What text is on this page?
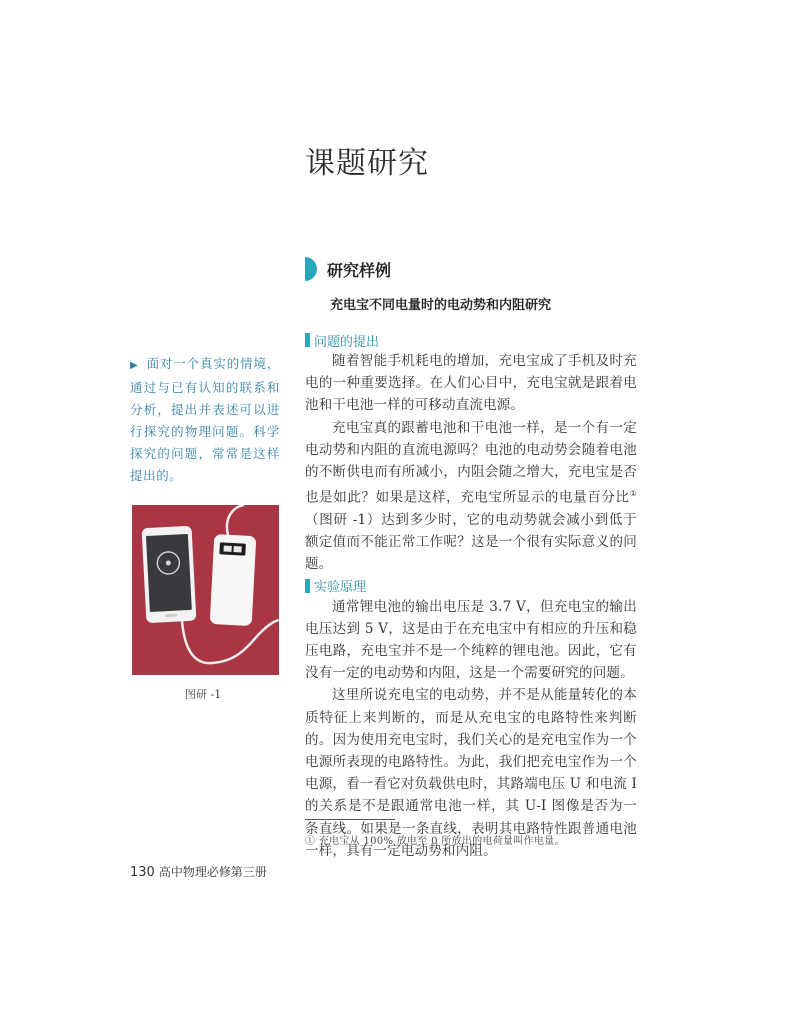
课题研究
研究样例
充电宝不同电量时的电动势和内阻研究
问题的提出

随着智能手机耗电的增加，充电宝成了手机及时充电的一种重要选择。在人们心目中，充电宝就是跟着电池和干电池一样的可移动直流电源。

充电宝真的跟蓄电池和干电池一样，是一个有一定电动势和内阻的直流电源吗？电池的电动势会随着电池的不断供电而有所减小，内阻会随之增大，充电宝是否也是如此？如果是这样，充电宝所显示的电量百分比①（图研 -1）达到多少时，它的电动势就会减小到低于额定值而不能正常工作呢？这是一个很有实际意义的问题。

实验原理

通常锂电池的输出电压是 3.7 V，但充电宝的输出电压达到 5 V，这是由于在充电宝中有相应的升压和稳压电路，充电宝并不是一个纯粹的锂电池。因此，它有没有一定的电动势和内阻，这是一个需要研究的问题。

这里所说充电宝的电动势，并不是从能量转化的本质特征上来判断的，而是从充电宝的电路特性来判断的。因为使用充电宝时，我们关心的是充电宝作为一个电源所表现的电路特性。为此，我们把充电宝作为一个电源，看一看它对负载供电时，其路端电压 U 和电流 I 的关系是不是跟通常电池一样，其 U-I 图像是否为一条直线。如果是一条直线，表明其电路特性跟普通电池一样，具有一定电动势和内阻。

▶ 面对一个真实的情境，通过与已有认知的联系和分析，提出并表述可以进行探究的物理问题。科学探究的问题，常常是这样提出的。
图研 -1
① 充电宝从 100% 放电至 0 所放出的电荷量叫作电量。
130 高中物理必修第三册
